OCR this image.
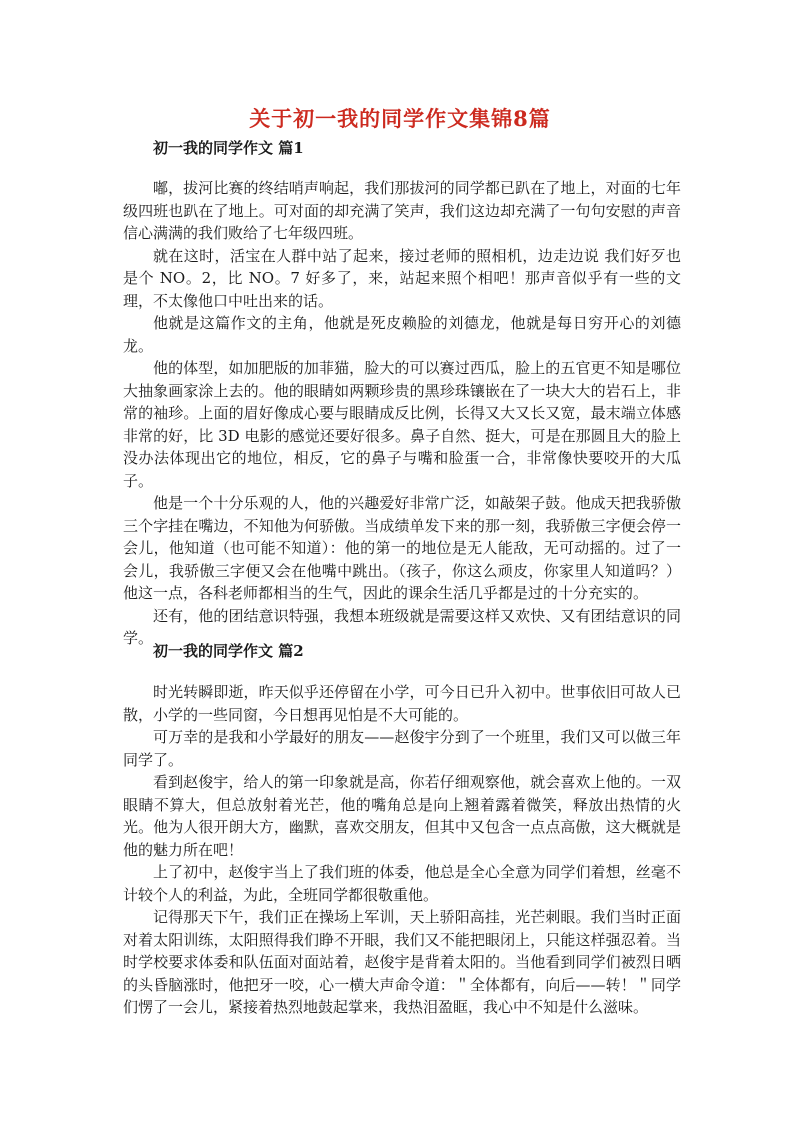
关于初一我的同学作文集锦8篇
初一我的同学作文 篇1

嘟，拔河比赛的终结哨声响起，我们那拔河的同学都已趴在了地上，对面的七年级四班也趴在了地上。可对面的却充满了笑声，我们这边却充满了一句句安慰的声音信心满满的我们败给了七年级四班。

就在这时，活宝在人群中站了起来，接过老师的照相机，边走边说 我们好歹也是个 NO。2，比 NO。7 好多了，来，站起来照个相吧！那声音似乎有一些的文理，不太像他口中吐出来的话。

他就是这篇作文的主角，他就是死皮赖脸的刘德龙，他就是每日穷开心的刘德龙。

他的体型，如加肥版的加菲猫，脸大的可以赛过西瓜，脸上的五官更不知是哪位大抽象画家涂上去的。他的眼睛如两颗珍贵的黑珍珠镶嵌在了一块大大的岩石上，非常的袖珍。上面的眉好像成心要与眼睛成反比例，长得又大又长又宽，最末端立体感非常的好，比 3D 电影的感觉还要好很多。鼻子自然、挺大，可是在那圆且大的脸上没办法体现出它的地位，相反，它的鼻子与嘴和脸蛋一合，非常像快要咬开的大瓜子。

他是一个十分乐观的人，他的兴趣爱好非常广泛，如敲架子鼓。他成天把我骄傲三个字挂在嘴边，不知他为何骄傲。当成绩单发下来的那一刻，我骄傲三字便会停一会儿，他知道（也可能不知道）：他的第一的地位是无人能敌，无可动摇的。过了一会儿，我骄傲三字便又会在他嘴中跳出。（孩子，你这么顽皮，你家里人知道吗？）他这一点，各科老师都相当的生气，因此的课余生活几乎都是过的十分充实的。

还有，他的团结意识特强，我想本班级就是需要这样又欢快、又有团结意识的同学。

初一我的同学作文 篇2

时光转瞬即逝，昨天似乎还停留在小学，可今日已升入初中。世事依旧可故人已散，小学的一些同窗，今日想再见怕是不大可能的。

可万幸的是我和小学最好的朋友——赵俊宇分到了一个班里，我们又可以做三年同学了。

看到赵俊宇，给人的第一印象就是高，你若仔细观察他，就会喜欢上他的。一双眼睛不算大，但总放射着光芒，他的嘴角总是向上翘着露着微笑，释放出热情的火光。他为人很开朗大方，幽默，喜欢交朋友，但其中又包含一点点高傲，这大概就是他的魅力所在吧！

上了初中，赵俊宇当上了我们班的体委，他总是全心全意为同学们着想，丝毫不计较个人的利益，为此，全班同学都很敬重他。

记得那天下午，我们正在操场上军训，天上骄阳高挂，光芒刺眼。我们当时正面对着太阳训练，太阳照得我们睁不开眼，我们又不能把眼闭上，只能这样强忍着。当时学校要求体委和队伍面对面站着，赵俊宇是背着太阳的。当他看到同学们被烈日晒的头昏脑涨时，他把牙一咬，心一横大声命令道：＂全体都有，向后——转！＂同学们愣了一会儿，紧接着热烈地鼓起掌来，我热泪盈眶，我心中不知是什么滋味。
